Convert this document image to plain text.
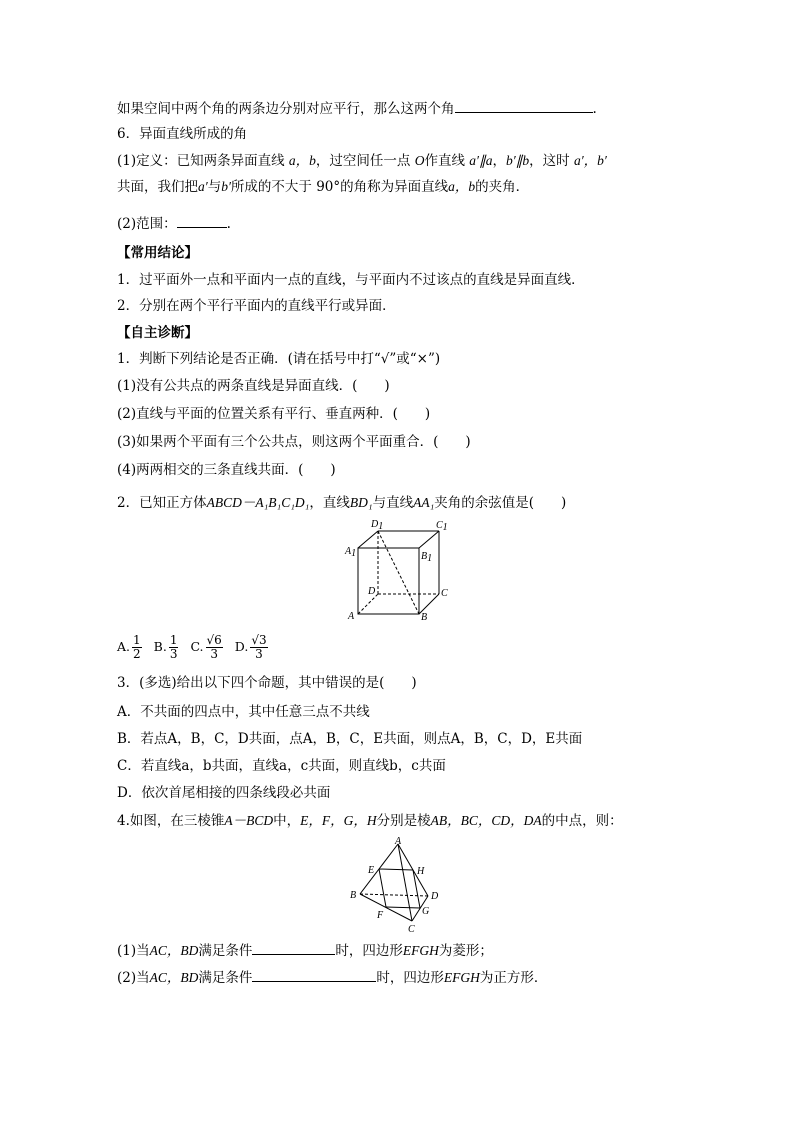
如果空间中两个角的两条边分别对应平行，那么这两个角	.
6．异面直线所成的角
(1)定义：已知两条异面直线 a，b，过空间任一点 O作直线 a′∥a，b′∥b，这时 a′，b′
共面，我们把a′与b′所成的不大于 90°的角称为异面直线a，b的夹角．
(2)范围：	.
【常用结论】
1．过平面外一点和平面内一点的直线，与平面内不过该点的直线是异面直线．
2．分别在两个平行平面内的直线平行或异面．
【自主诊断】
1．判断下列结论是否正确．(请在括号中打“√”或“×”)
(1)没有公共点的两条直线是异面直线．(　　)
(2)直线与平面的位置关系有平行、垂直两种．(　　)
(3)如果两个平面有三个公共点，则这两个平面重合．(　　)
(4)两两相交的三条直线共面．(　　)
2．已知正方体ABCD－A₁B₁C₁D₁，直线BD₁与直线AA₁夹角的余弦值是(　　)
A	B
C
D
A1	B1
C1
D1
A. $\frac{1}{2} B$. $\frac{1}{3} C$. $\frac{√6}{3} D$. $\frac{√3}{3}$
3．(多选)给出以下四个命题，其中错误的是(　　)
A．不共面的四点中，其中任意三点不共线
B．若点A，B，C，D共面，点A，B，C，E共面，则点A，B，C，D，E共面
C．若直线a，b共面，直线a，c共面，则直线b，c共面
D．依次首尾相接的四条线段必共面
4.如图，在三棱锥A－BCD中，E，F，G，H分别是棱AB，BC，CD，DA的中点，则：
A
B
C
D
E
F	G
H
(1)当AC，BD满足条件	时，四边形EFGH为菱形；
(2)当AC，BD满足条件	时，四边形EFGH为正方形．
